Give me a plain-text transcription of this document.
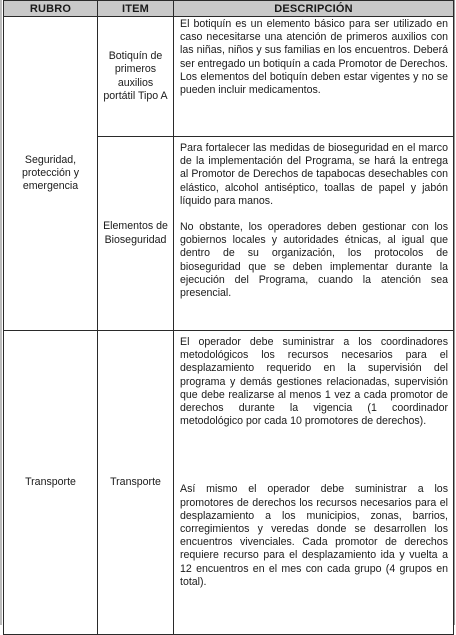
RUBRO	ITEM	DESCRIPCIÓN
Seguridad, protección y emergencia	Botiquín de primeros auxilios portátil Tipo A	El botiquín es un elemento básico para ser utilizado en caso necesitarse una atención de primeros auxilios con las niñas, niños y sus familias en los encuentros. Deberá ser entregado un botiquín a cada Promotor de Derechos. Los elementos del botiquín deben estar vigentes y no se pueden incluir medicamentos.

	Elementos de Bioseguridad	Para fortalecer las medidas de bioseguridad en el marco de la implementación del Programa, se hará la entrega al Promotor de Derechos de tapabocas desechables con elástico, alcohol antiséptico, toallas de papel y jabón líquido para manos.

No obstante, los operadores deben gestionar con los gobiernos locales y autoridades étnicas, al igual que dentro de su organización, los protocolos de bioseguridad que se deben implementar durante la ejecución del Programa, cuando la atención sea presencial.

Transporte	Transporte	El operador debe suministrar a los coordinadores metodológicos los recursos necesarios para el desplazamiento requerido en la supervisión del programa y demás gestiones relacionadas, supervisión que debe realizarse al menos 1 vez a cada promotor de derechos durante la vigencia (1 coordinador metodológico por cada 10 promotores de derechos).

Así mismo el operador debe suministrar a los promotores de derechos los recursos necesarios para el desplazamiento a los municipios, zonas, barrios, corregimientos y veredas donde se desarrollen los encuentros vivenciales. Cada promotor de derechos requiere recurso para el desplazamiento ida y vuelta a 12 encuentros en el mes con cada grupo (4 grupos en total).
